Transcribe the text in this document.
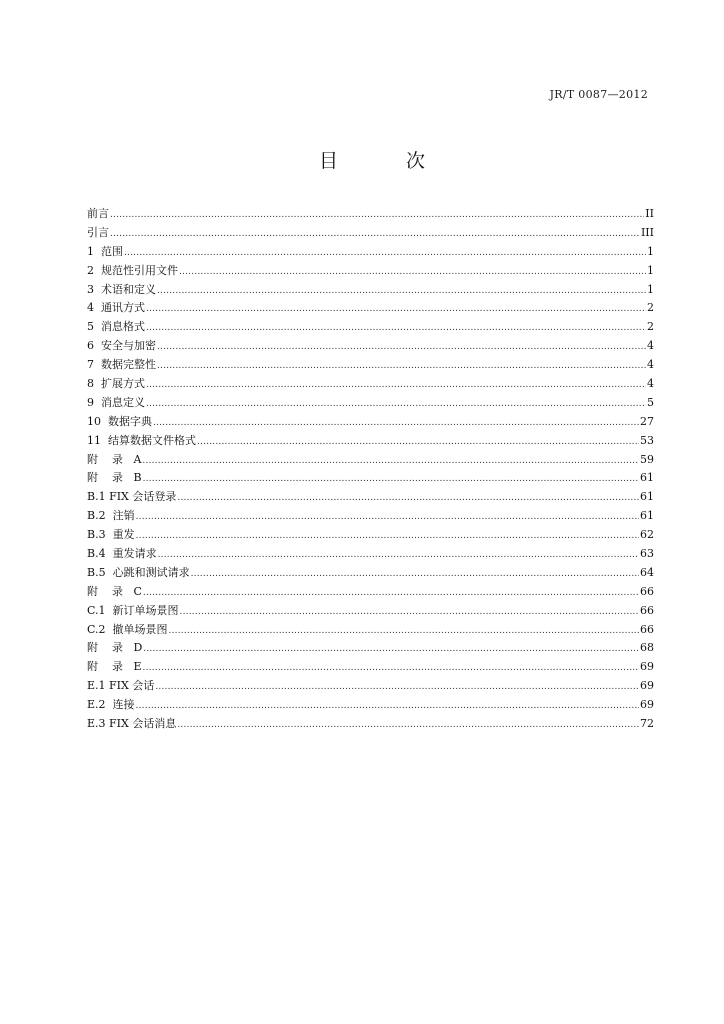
JR/T 0087—2012
目	次
前言 .....	II
引言 .....	III
1  范围 .....	1
2  规范性引用文件 .....	1
3  术语和定义 .....	1
4  通讯方式 .....	2
5  消息格式 .....	2
6  安全与加密 .....	4
7  数据完整性 .....	4
8  扩展方式 .....	4
9  消息定义 .....	5
10  数据字典 .....	27
11  结算数据文件格式 .....	53
附    录   A .....	59
附    录   B .....	61
B.1 FIX 会话登录 .....	61
B.2  注销 .....	61
B.3  重发 .....	62
B.4  重发请求 .....	63
B.5  心跳和测试请求 .....	64
附    录   C .....	66
C.1  新订单场景图 .....	66
C.2  撤单场景图 .....	66
附    录   D .....	68
附    录   E .....	69
E.1 FIX 会话 .....	69
E.2  连接 .....	69
E.3 FIX 会话消息 .....	72
